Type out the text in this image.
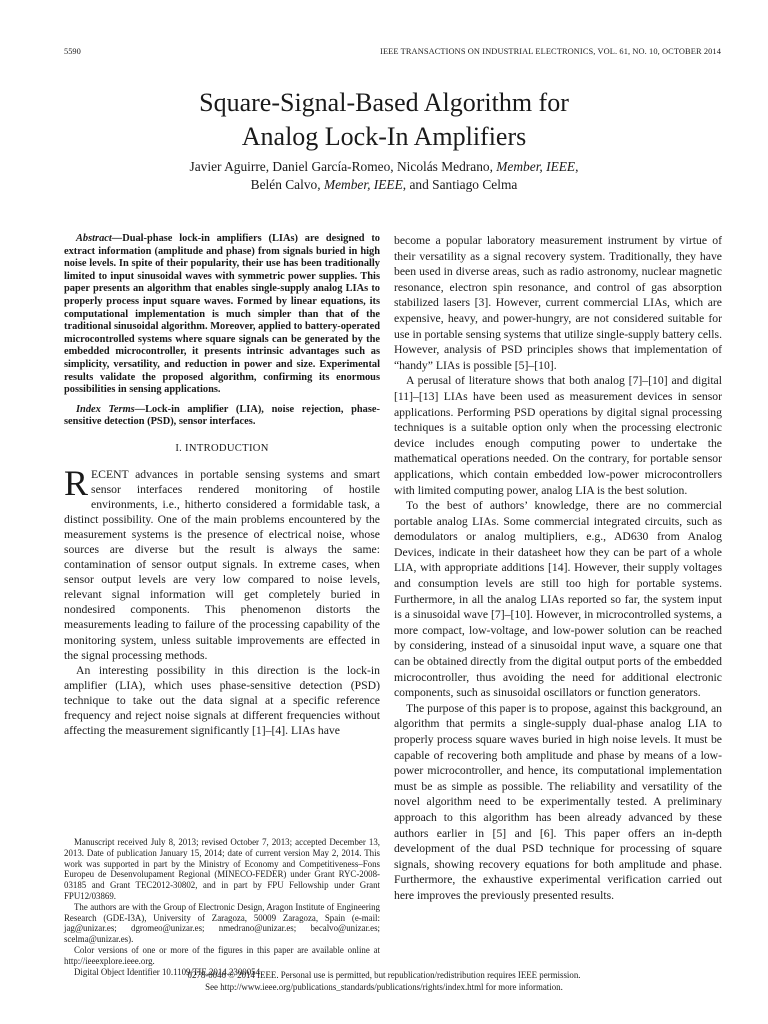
5590	IEEE TRANSACTIONS ON INDUSTRIAL ELECTRONICS, VOL. 61, NO. 10, OCTOBER 2014
Square-Signal-Based Algorithm for
Analog Lock-In Amplifiers
Javier Aguirre, Daniel García-Romeo, Nicolás Medrano, Member, IEEE,
Belén Calvo, Member, IEEE, and Santiago Celma

Abstract—Dual-phase lock-in amplifiers (LIAs) are designed to extract information (amplitude and phase) from signals buried in high noise levels. In spite of their popularity, their use has been traditionally limited to input sinusoidal waves with symmetric power supplies. This paper presents an algorithm that enables single-supply analog LIAs to properly process input square waves. Formed by linear equations, its computational implementation is much simpler than that of the traditional sinusoidal algorithm. Moreover, applied to battery-operated microcontrolled systems where square signals can be generated by the embedded microcontroller, it presents intrinsic advantages such as simplicity, versatility, and reduction in power and size. Experimental results validate the proposed algorithm, confirming its enormous possibilities in sensing applications.

Index Terms—Lock-in amplifier (LIA), noise rejection, phase-sensitive detection (PSD), sensor interfaces.

I. INTRODUCTION

RECENT advances in portable sensing systems and smart sensor interfaces rendered monitoring of hostile environments, i.e., hitherto considered a formidable task, a distinct possibility. One of the main problems encountered by the measurement systems is the presence of electrical noise, whose sources are diverse but the result is always the same: contamination of sensor output signals. In extreme cases, when sensor output levels are very low compared to noise levels, relevant signal information will get completely buried in nondesired components. This phenomenon distorts the measurements leading to failure of the processing capability of the monitoring system, unless suitable improvements are effected in the signal processing methods.

An interesting possibility in this direction is the lock-in amplifier (LIA), which uses phase-sensitive detection (PSD) technique to take out the data signal at a specific reference frequency and reject noise signals at different frequencies without affecting the measurement significantly [1]–[4]. LIAs have

Manuscript received July 8, 2013; revised October 7, 2013; accepted December 13, 2013. Date of publication January 15, 2014; date of current version May 2, 2014. This work was supported in part by the Ministry of Economy and Competitiveness–Fons Europeu de Desenvolupament Regional (MINECO-FEDER) under Grant RYC-2008-03185 and Grant TEC2012-30802, and in part by FPU Fellowship under Grant FPU12/03869.

The authors are with the Group of Electronic Design, Aragon Institute of Engineering Research (GDE-I3A), University of Zaragoza, 50009 Zaragoza, Spain (e-mail: jag@unizar.es; dgromeo@unizar.es; nmedrano@unizar.es; becalvo@unizar.es; scelma@unizar.es).

Color versions of one or more of the figures in this paper are available online at http://ieeexplore.ieee.org.

Digital Object Identifier 10.1109/TIE.2014.2300054

become a popular laboratory measurement instrument by virtue of their versatility as a signal recovery system. Traditionally, they have been used in diverse areas, such as radio astronomy, nuclear magnetic resonance, electron spin resonance, and control of gas absorption stabilized lasers [3]. However, current commercial LIAs, which are expensive, heavy, and power-hungry, are not considered suitable for use in portable sensing systems that utilize single-supply battery cells. However, analysis of PSD principles shows that implementation of “handy” LIAs is possible [5]–[10].

A perusal of literature shows that both analog [7]–[10] and digital [11]–[13] LIAs have been used as measurement devices in sensor applications. Performing PSD operations by digital signal processing techniques is a suitable option only when the processing electronic device includes enough computing power to undertake the mathematical operations needed. On the contrary, for portable sensor applications, which contain embedded low-power microcontrollers with limited computing power, analog LIA is the best solution.

To the best of authors’ knowledge, there are no commercial portable analog LIAs. Some commercial integrated circuits, such as demodulators or analog multipliers, e.g., AD630 from Analog Devices, indicate in their datasheet how they can be part of a whole LIA, with appropriate additions [14]. However, their supply voltages and consumption levels are still too high for portable systems. Furthermore, in all the analog LIAs reported so far, the system input is a sinusoidal wave [7]–[10]. However, in microcontrolled systems, a more compact, low-voltage, and low-power solution can be reached by considering, instead of a sinusoidal input wave, a square one that can be obtained directly from the digital output ports of the embedded microcontroller, thus avoiding the need for additional electronic components, such as sinusoidal oscillators or function generators.

The purpose of this paper is to propose, against this background, an algorithm that permits a single-supply dual-phase analog LIA to properly process square waves buried in high noise levels. It must be capable of recovering both amplitude and phase by means of a low-power microcontroller, and hence, its computational implementation must be as simple as possible. The reliability and versatility of the novel algorithm need to be experimentally tested. A preliminary approach to this algorithm has been already advanced by these authors earlier in [5] and [6]. This paper offers an in-depth development of the dual PSD technique for processing of square signals, showing recovery equations for both amplitude and phase. Furthermore, the exhaustive experimental verification carried out here improves the previously presented results.

0278-0046 © 2014 IEEE. Personal use is permitted, but republication/redistribution requires IEEE permission.
See http://www.ieee.org/publications_standards/publications/rights/index.html for more information.
